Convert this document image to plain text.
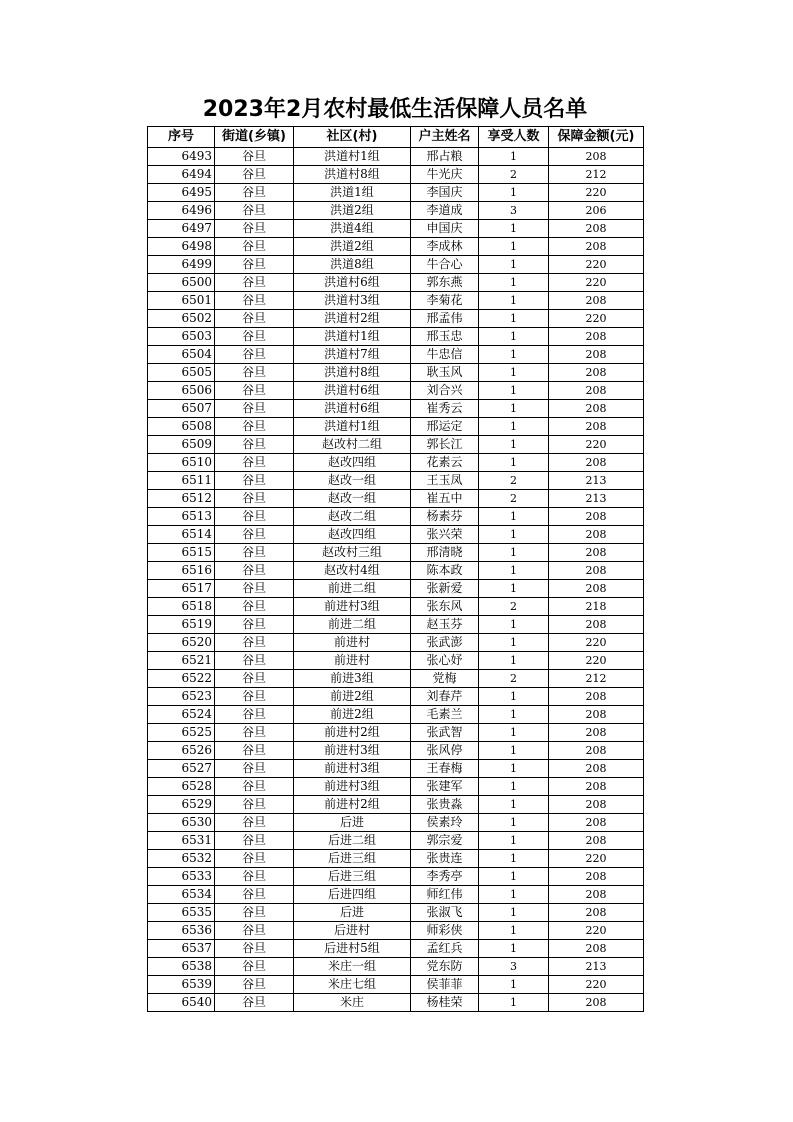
2023年2月农村最低生活保障人员名单
序号	街道(乡镇)	社区(村)	户主姓名	享受人数	保障金额(元)
6493	谷旦	洪道村1组	邢占粮	1	208
6494	谷旦	洪道村8组	牛光庆	2	212
6495	谷旦	洪道1组	李国庆	1	220
6496	谷旦	洪道2组	李道成	3	206
6497	谷旦	洪道4组	申国庆	1	208
6498	谷旦	洪道2组	李成林	1	208
6499	谷旦	洪道8组	牛合心	1	220
6500	谷旦	洪道村6组	郭东燕	1	220
6501	谷旦	洪道村3组	李菊花	1	208
6502	谷旦	洪道村2组	邢孟伟	1	220
6503	谷旦	洪道村1组	邢玉忠	1	208
6504	谷旦	洪道村7组	牛忠信	1	208
6505	谷旦	洪道村8组	耿玉风	1	208
6506	谷旦	洪道村6组	刘合兴	1	208
6507	谷旦	洪道村6组	崔秀云	1	208
6508	谷旦	洪道村1组	邢运定	1	208
6509	谷旦	赵改村二组	郭长江	1	220
6510	谷旦	赵改四组	花素云	1	208
6511	谷旦	赵改一组	王玉凤	2	213
6512	谷旦	赵改一组	崔五中	2	213
6513	谷旦	赵改二组	杨素芬	1	208
6514	谷旦	赵改四组	张兴荣	1	208
6515	谷旦	赵改村三组	邢清晓	1	208
6516	谷旦	赵改村4组	陈本政	1	208
6517	谷旦	前进二组	张新爱	1	208
6518	谷旦	前进村3组	张东风	2	218
6519	谷旦	前进二组	赵玉芬	1	208
6520	谷旦	前进村	张武澎	1	220
6521	谷旦	前进村	张心妤	1	220
6522	谷旦	前进3组	党梅	2	212
6523	谷旦	前进2组	刘春芹	1	208
6524	谷旦	前进2组	毛素兰	1	208
6525	谷旦	前进村2组	张武智	1	208
6526	谷旦	前进村3组	张风停	1	208
6527	谷旦	前进村3组	王春梅	1	208
6528	谷旦	前进村3组	张建军	1	208
6529	谷旦	前进村2组	张贵淼	1	208
6530	谷旦	后进	侯素玲	1	208
6531	谷旦	后进二组	郭宗爱	1	208
6532	谷旦	后进三组	张贵连	1	220
6533	谷旦	后进三组	李秀亭	1	208
6534	谷旦	后进四组	师红伟	1	208
6535	谷旦	后进	张淑飞	1	208
6536	谷旦	后进村	师彩侠	1	220
6537	谷旦	后进村5组	孟红兵	1	208
6538	谷旦	米庄一组	党东防	3	213
6539	谷旦	米庄七组	侯菲菲	1	220
6540	谷旦	米庄	杨桂荣	1	208
